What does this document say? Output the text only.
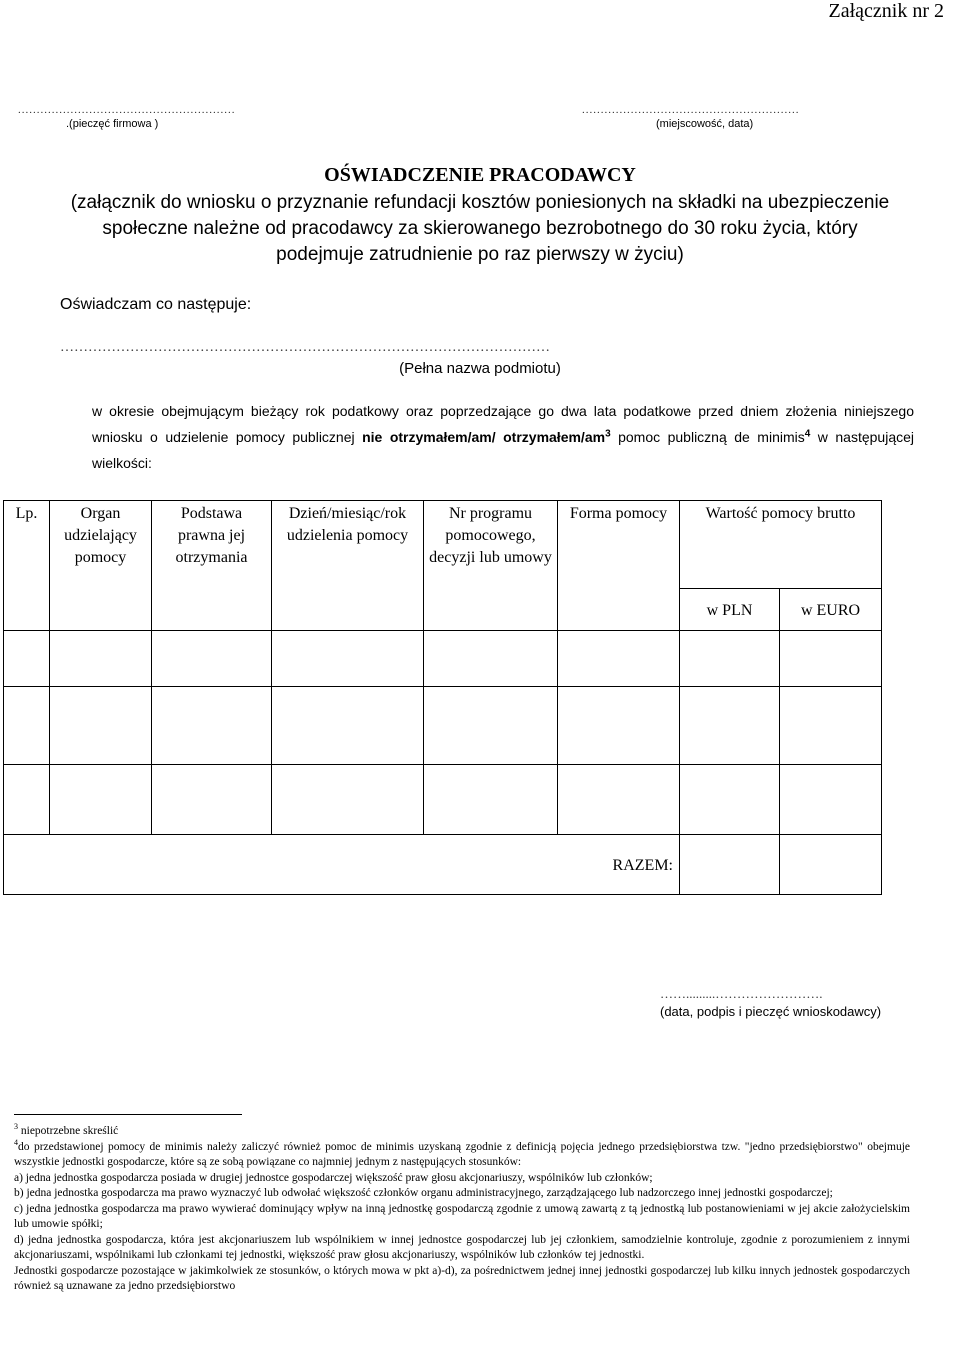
Załącznik nr 2
..........................................................
.(pieczęć firmowa )
..........................................................
(miejscowość, data)
OŚWIADCZENIE PRACODAWCY
(załącznik do wniosku o przyznanie refundacji kosztów poniesionych na składki na ubezpieczenie
społeczne należne od pracodawcy za skierowanego bezrobotnego do 30 roku życia, który
podejmuje zatrudnienie po raz pierwszy w życiu)
Oświadczam co następuje:
……………………………………………………………………………………………
(Pełna nazwa podmiotu)
w okresie obejmującym bieżący rok podatkowy oraz poprzedzające go dwa lata podatkowe przed dniem złożenia niniejszego wniosku o udzielenie pomocy publicznej nie otrzymałem/am/ otrzymałem/$am^3$ pomoc publiczną de minimis$^4$ w następującej wielkości:
Lp.	Organ udzielający pomocy	Podstawa prawna jej otrzymania	Dzień/miesiąc/rok udzielenia pomocy	Nr programu pomocowego, decyzji lub umowy	Forma pomocy	Wartość pomocy brutto	
						w PLN	w EURO

RAZEM:							
…….........…………………….
(data, podpis i pieczęć wnioskodawcy)

$^3$ niepotrzebne skreślić

$^4$do przedstawionej pomocy de minimis należy zaliczyć również pomoc de minimis uzyskaną zgodnie z definicją pojęcia jednego przedsiębiorstwa tzw. "jedno przedsiębiorstwo" obejmuje wszystkie jednostki gospodarcze, które są ze sobą powiązane co najmniej jednym z następujących stosunków:

a) jedna jednostka gospodarcza posiada w drugiej jednostce gospodarczej większość praw głosu akcjonariuszy, wspólników lub członków;

b) jedna jednostka gospodarcza ma prawo wyznaczyć lub odwołać większość członków organu administracyjnego, zarządzającego lub nadzorczego innej jednostki gospodarczej;

c) jedna jednostka gospodarcza ma prawo wywierać dominujący wpływ na inną jednostkę gospodarczą zgodnie z umową zawartą z tą jednostką lub postanowieniami w jej akcie założycielskim lub umowie spółki;

d) jedna jednostka gospodarcza, która jest akcjonariuszem lub wspólnikiem w innej jednostce gospodarczej lub jej członkiem, samodzielnie kontroluje, zgodnie z porozumieniem z innymi akcjonariuszami, wspólnikami lub członkami tej jednostki, większość praw głosu akcjonariuszy, wspólników lub członków tej jednostki.

Jednostki gospodarcze pozostające w jakimkolwiek ze stosunków, o których mowa w pkt a)-d), za pośrednictwem jednej innej jednostki gospodarczej lub kilku innych jednostek gospodarczych również są uznawane za jedno przedsiębiorstwo
